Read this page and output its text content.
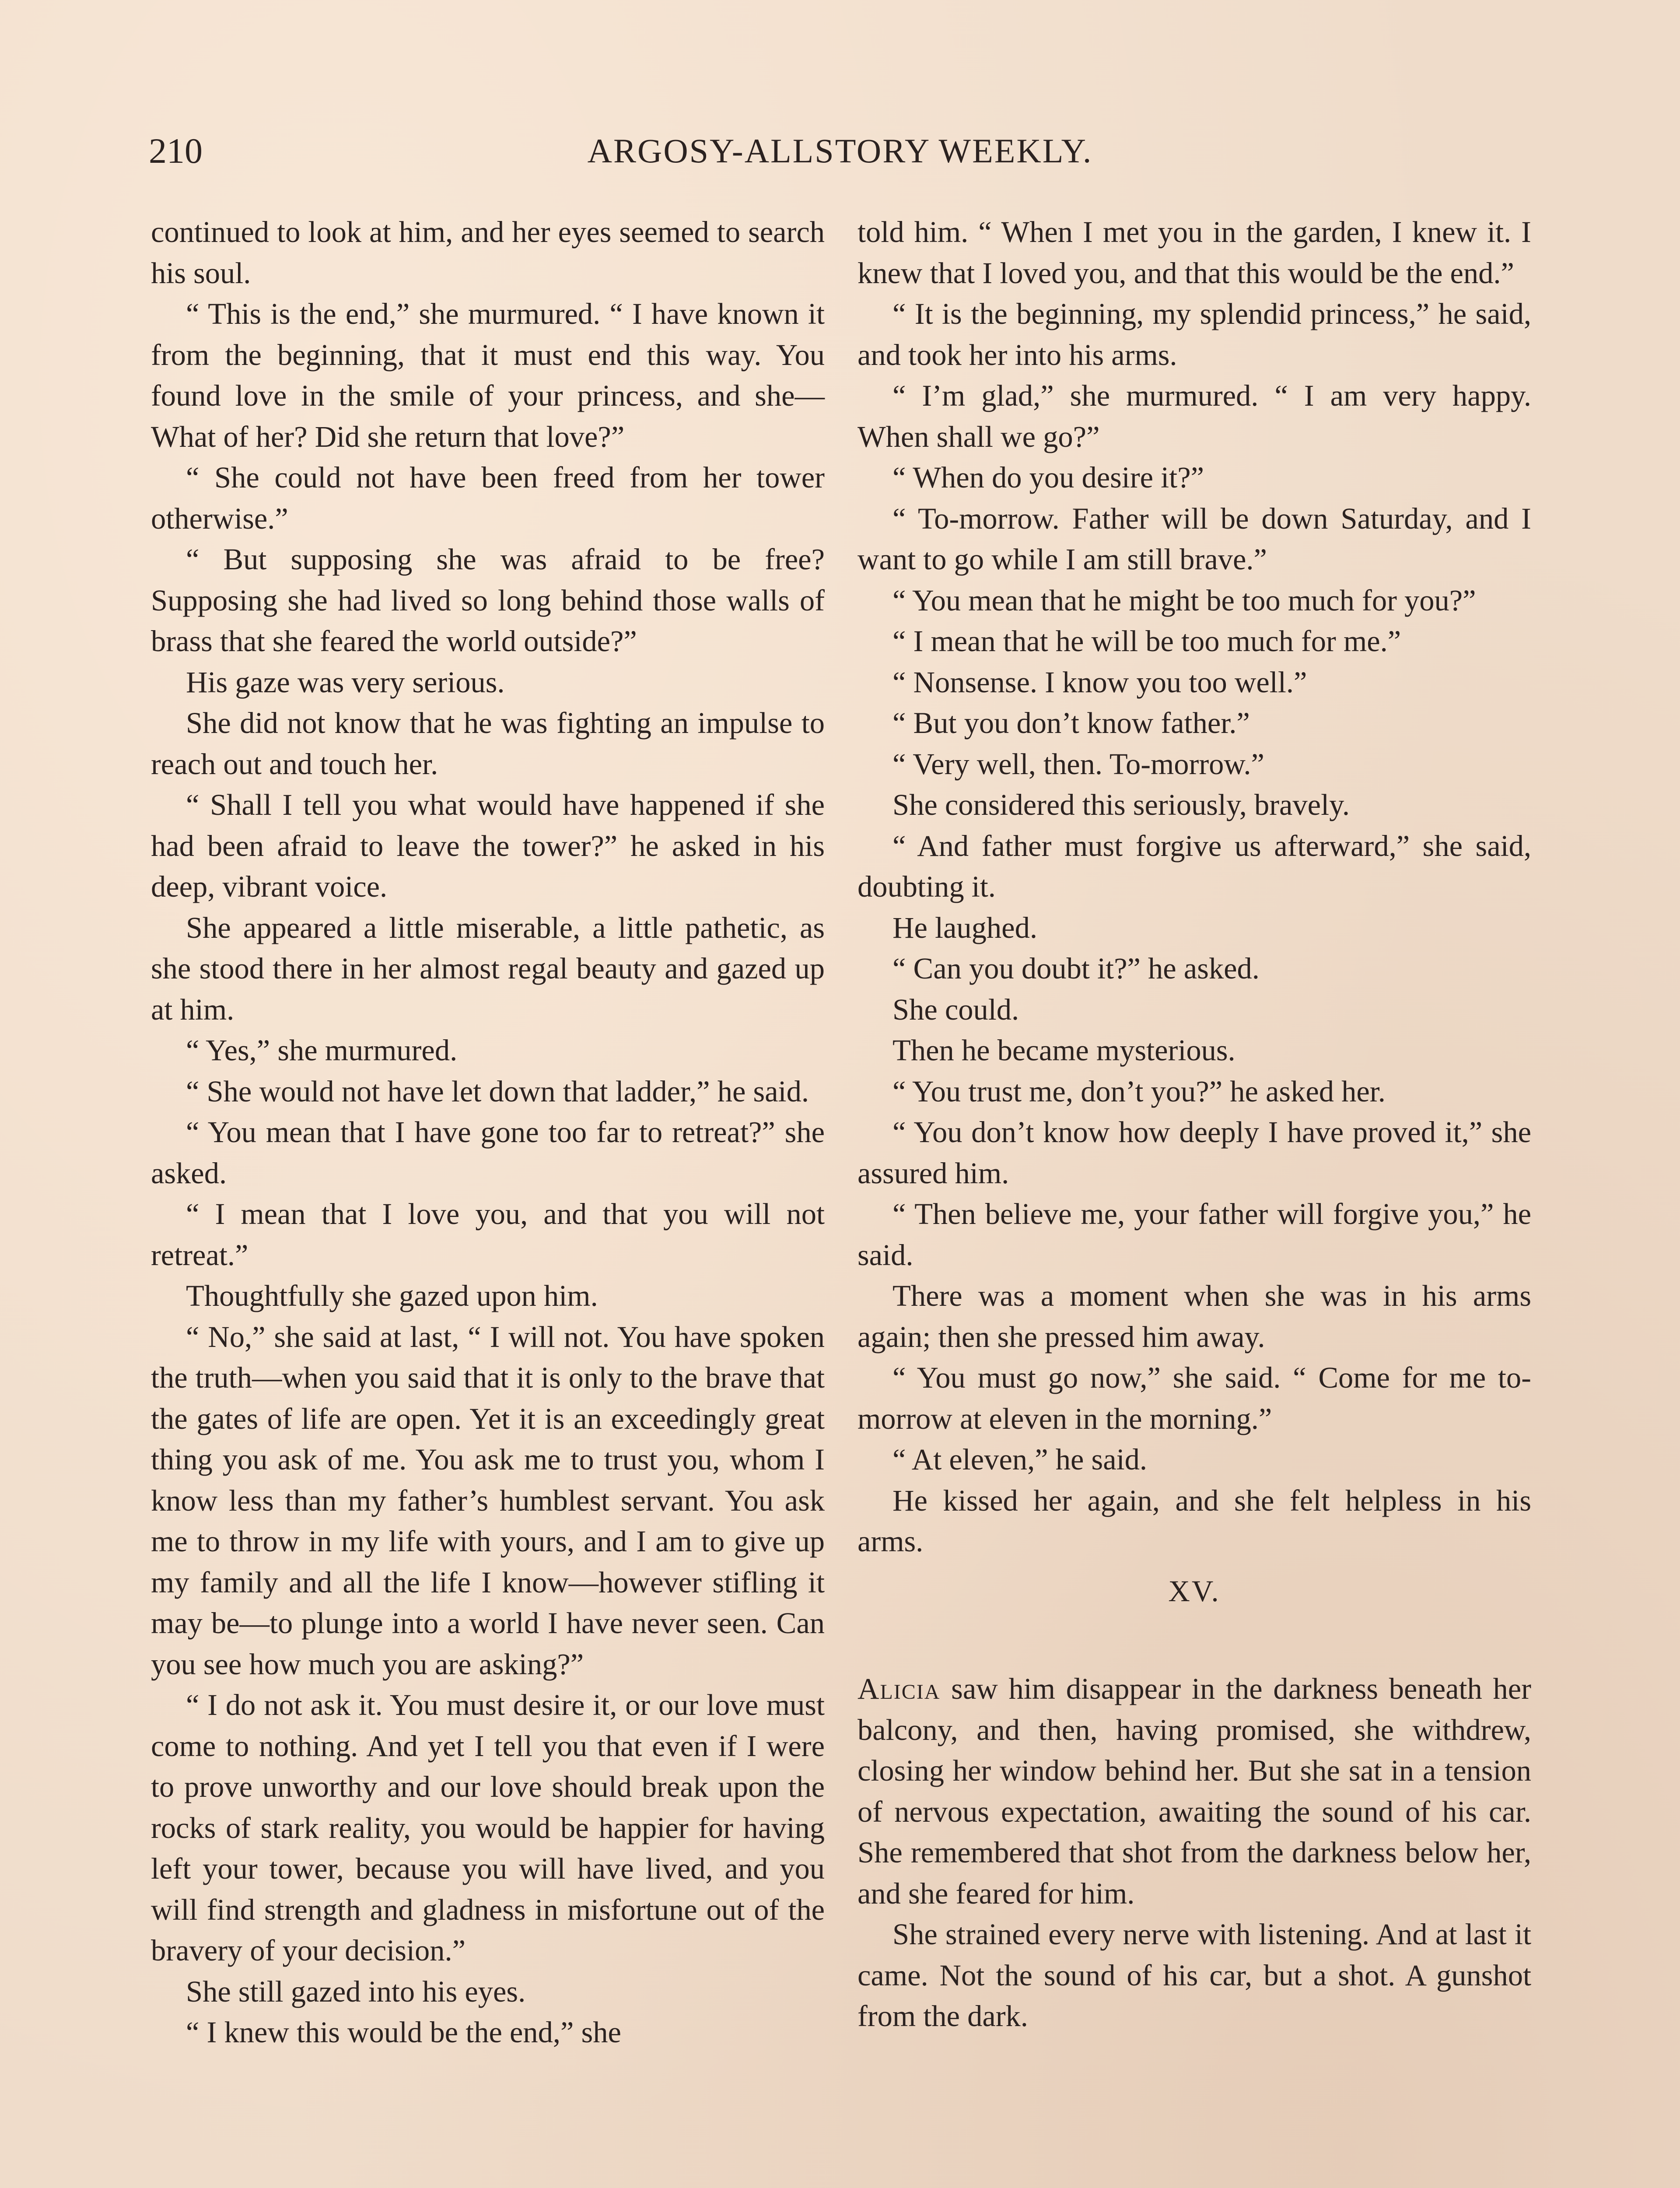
210	ARGOSY-ALLSTORY WEEKLY.

continued to look at him, and her eyes seemed to search his soul.

“ This is the end,” she murmured. “ I have known it from the beginning, that it must end this way. You found love in the smile of your princess, and she— What of her? Did she return that love?”

“ She could not have been freed from her tower otherwise.”

“ But supposing she was afraid to be free? Supposing she had lived so long behind those walls of brass that she feared the world outside?”

His gaze was very serious.

She did not know that he was fighting an impulse to reach out and touch her.

“ Shall I tell you what would have happened if she had been afraid to leave the tower?” he asked in his deep, vibrant voice.

She appeared a little miserable, a little pathetic, as she stood there in her almost regal beauty and gazed up at him.

“ Yes,” she murmured.

“ She would not have let down that ladder,” he said.

“ You mean that I have gone too far to retreat?” she asked.

“ I mean that I love you, and that you will not retreat.”

Thoughtfully she gazed upon him.

“ No,” she said at last, “ I will not. You have spoken the truth—when you said that it is only to the brave that the gates of life are open. Yet it is an exceedingly great thing you ask of me. You ask me to trust you, whom I know less than my father’s humblest servant. You ask me to throw in my life with yours, and I am to give up my family and all the life I know—however stifling it may be—to plunge into a world I have never seen. Can you see how much you are asking?”

“ I do not ask it. You must desire it, or our love must come to nothing. And yet I tell you that even if I were to prove unworthy and our love should break upon the rocks of stark reality, you would be happier for having left your tower, because you will have lived, and you will find strength and gladness in misfortune out of the bravery of your decision.”

She still gazed into his eyes.

“ I knew this would be the end,” she

told him. “ When I met you in the garden, I knew it. I knew that I loved you, and that this would be the end.”

“ It is the beginning, my splendid princess,” he said, and took her into his arms.

“ I’m glad,” she murmured. “ I am very happy. When shall we go?”

“ When do you desire it?”

“ To-morrow. Father will be down Saturday, and I want to go while I am still brave.”

“ You mean that he might be too much for you?”

“ I mean that he will be too much for me.”

“ Nonsense. I know you too well.”

“ But you don’t know father.”

“ Very well, then. To-morrow.”

She considered this seriously, bravely.

“ And father must forgive us afterward,” she said, doubting it.

He laughed.

“ Can you doubt it?” he asked.

She could.

Then he became mysterious.

“ You trust me, don’t you?” he asked her.

“ You don’t know how deeply I have proved it,” she assured him.

“ Then believe me, your father will forgive you,” he said.

There was a moment when she was in his arms again; then she pressed him away.

“ You must go now,” she said. “ Come for me to-morrow at eleven in the morning.”

“ At eleven,” he said.

He kissed her again, and she felt helpless in his arms.

XV.

Alicia saw him disappear in the darkness beneath her balcony, and then, having promised, she withdrew, closing her window behind her. But she sat in a tension of nervous expectation, awaiting the sound of his car. She remembered that shot from the darkness below her, and she feared for him.

She strained every nerve with listening. And at last it came. Not the sound of his car, but a shot. A gunshot from the dark.
